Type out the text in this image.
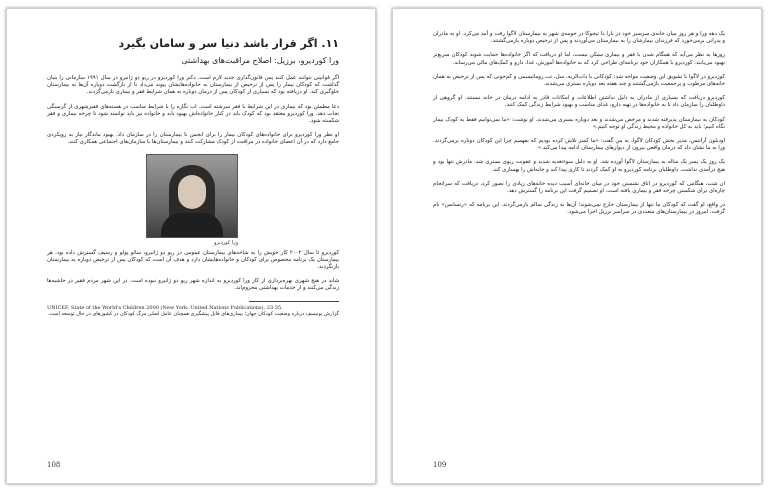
۱۱. اگر قرار باشد دنیا سر و سامان بگیرد
ورا کوردیرو، برزیل: اصلاح مراقبت‌های بهداشتی

اگر قوانینی نتوانند عمل کنند پس قانون‌گذاری جدید لازم است. دکتر ورا کوردیرو در ریو دو ژانیرو در سال ۱۹۹۱ سازمانی را بنیان گذاشت که کودکان بیمار را پس از ترخیص از بیمارستان به خانواده‌هایشان پیوند می‌داد تا از بازگشت دوباره آن‌ها به بیمارستان جلوگیری کند. او دریافته بود که بسیاری از کودکان پس از درمان دوباره به همان شرایط فقر و بیماری بازمی‌گردند.

دعا مطمئن بود که بیماری در این شرایط با فقر سرشته است. اب نگاره را با شرایط مناسب در هسته‌های فقیرشهری از گرسنگی نجات دهد. ورا کوردیرو معتقد بود که کودک باید در کنار خانواده‌اش بهبود یابد و خانواده نیز باید توانمند شود تا چرخه بیماری و فقر شکسته شود.

او نظر ورا کوردیرو برای خانواده‌های کودکان بیمار را برای انجمن تا بیمارستان را در سازمان داد. بهبود ماندگار نیاز به رویکردی جامع دارد که در آن اعضای خانواده در مراقبت از کودک مشارکت کنند و بیمارستان‌ها با سازمان‌های اجتماعی همکاری کنند.

ورا کوردیرو

کوردیرو تا سال ۲۰۰۲ کار خویش را به شاخه‌های بیمارستان عمومی در ریو دو ژانیرو، سائو پولو و رسیف گسترش داده بود. هر بیمارستان یک برنامه مخصوص برای کودکان و خانواده‌هایشان دارد و هدف آن است که کودکان پس از ترخیص دوباره به بیمارستان بازنگردند.

شاید در هیچ شهری بهره‌برداری از کار ورا کوردیرو به اندازه شهر ریو دو ژانیرو نبوده است. در این شهر مردم فقیر در حاشیه‌ها زندگی می‌کنند و از خدمات بهداشتی محروم‌اند.

UNICEF, State of the World's Children 2000 (New York: United Nations Publications), 23-35.
گزارش یونیسف درباره وضعیت کودکان جهان؛ بیماری‌های قابل پیشگیری همچنان عامل اصلی مرگ کودکان در کشورهای در حال توسعه است.
108

یک دهه ورا و هر روز میان خانه‌ی سرسبز خود در بارا دا تیجوکا در حومه‌ی شهر به بیمارستان لاگوا رفت و آمد می‌کرد. او به مادران و پدرانی برمی‌خورد که فرزندان بیمارشان را به بیمارستان می‌آوردند و پس از ترخیص دوباره بازمی‌گشتند.

روزها به نظر می‌آید که همگام شدن با فقر و بیماری ممکن نیست، اما او دریافت که اگر خانواده‌ها حمایت شوند کودکان سریع‌تر بهبود می‌یابند. کوردیرو با همکاران خود برنامه‌ای طراحی کرد که به خانواده‌ها آموزش، غذا، دارو و کمک‌های مالی می‌رساند.

کوردیرو در لاگوا با تشویق این وضعیت مواجه شد: کودکانی با ذات‌الریه، سل، تب روماتیسمی و کم‌خونی که پس از ترخیص به همان خانه‌های مرطوب و پرجمعیت بازمی‌گشتند و چند هفته بعد دوباره بستری می‌شدند.

کوردیرو دریافت که بسیاری از مادران به دلیل نداشتن اطلاعات و امکانات قادر به ادامه درمان در خانه نیستند. او گروهی از داوطلبان را سازمان داد تا به خانواده‌ها در تهیه دارو، غذای مناسب و بهبود شرایط زندگی کمک کنند.

کودکان به بیمارستان پذیرفته شدند و مرخص می‌شدند و بعد دوباره بستری می‌شدند. او نوشت: «ما نمی‌توانیم فقط به کودک بیمار نگاه کنیم؛ باید به کل خانواده و محیط زندگی او توجه کنیم.»

اودیلون آرانتس، مدیر بخش کودکان لاگوا، به من گفت: «ما کمتر تلاش کرده بودیم که بفهمیم چرا این کودکان دوباره برمی‌گردند. ورا به ما نشان داد که درمان واقعی بیرون از دیوارهای بیمارستان ادامه پیدا می‌کند.»

یک روز یک پسر یک ساله به بیمارستان لاگوا آورده شد. او به دلیل سوءتغذیه شدید و عفونت ریوی بستری شد. مادرش تنها بود و هیچ درآمدی نداشت. داوطلبان برنامه کوردیرو به او کمک کردند تا کاری پیدا کند و خانه‌اش را بهسازی کند.

ان شب، هنگامی که کوردیرو در اتاق نشستن خود در میان خانه‌ای آسیب دیده خانه‌های زیادی را تصور کرد، دریافت که سرانجام چاره‌ای برای شکستن چرخه فقر و بیماری یافته است. او تصمیم گرفت این برنامه را گسترش دهد.

در واقع، او گفت که کودکان ما تنها از بیمارستان خارج نمی‌شوند؛ آن‌ها به زندگی سالم بازمی‌گردند. این برنامه که «رنسانس» نام گرفت، امروز در بیمارستان‌های متعددی در سراسر برزیل اجرا می‌شود.

109
